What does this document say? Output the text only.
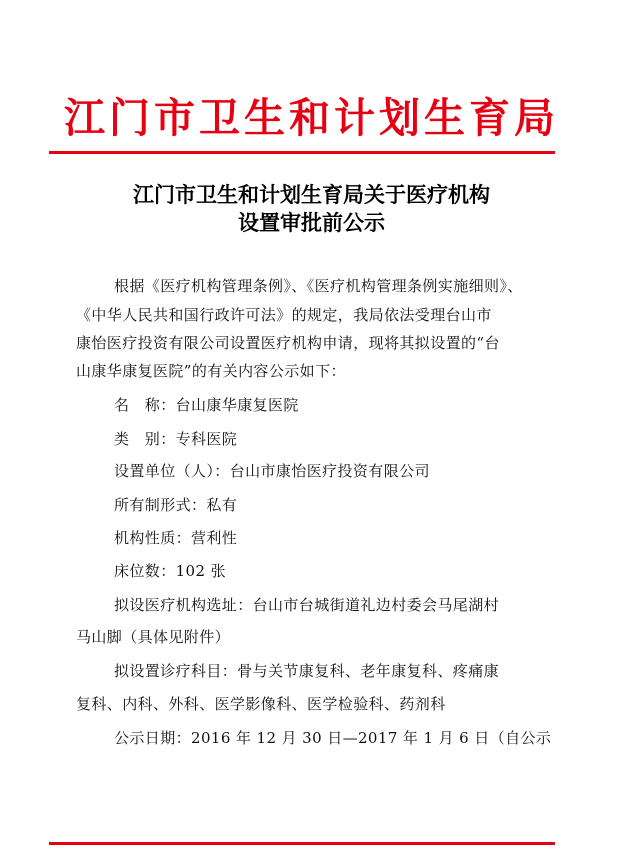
江门市卫生和计划生育局
江门市卫生和计划生育局关于医疗机构
设置审批前公示
根据《医疗机构管理条例》、《医疗机构管理条例实施细则》、
《中华人民共和国行政许可法》的规定，我局依法受理台山市
康怡医疗投资有限公司设置医疗机构申请，现将其拟设置的“台
山康华康复医院”的有关内容公示如下：
名　称：台山康华康复医院
类　别：专科医院
设置单位（人）：台山市康怡医疗投资有限公司
所有制形式：私有
机构性质：营利性
床位数：102 张
拟设医疗机构选址：台山市台城街道礼边村委会马尾湖村
马山脚（具体见附件）
拟设置诊疗科目：骨与关节康复科、老年康复科、疼痛康
复科、内科、外科、医学影像科、医学检验科、药剂科
公示日期：2016 年 12 月 30 日—2017 年 1 月 6 日（自公示
